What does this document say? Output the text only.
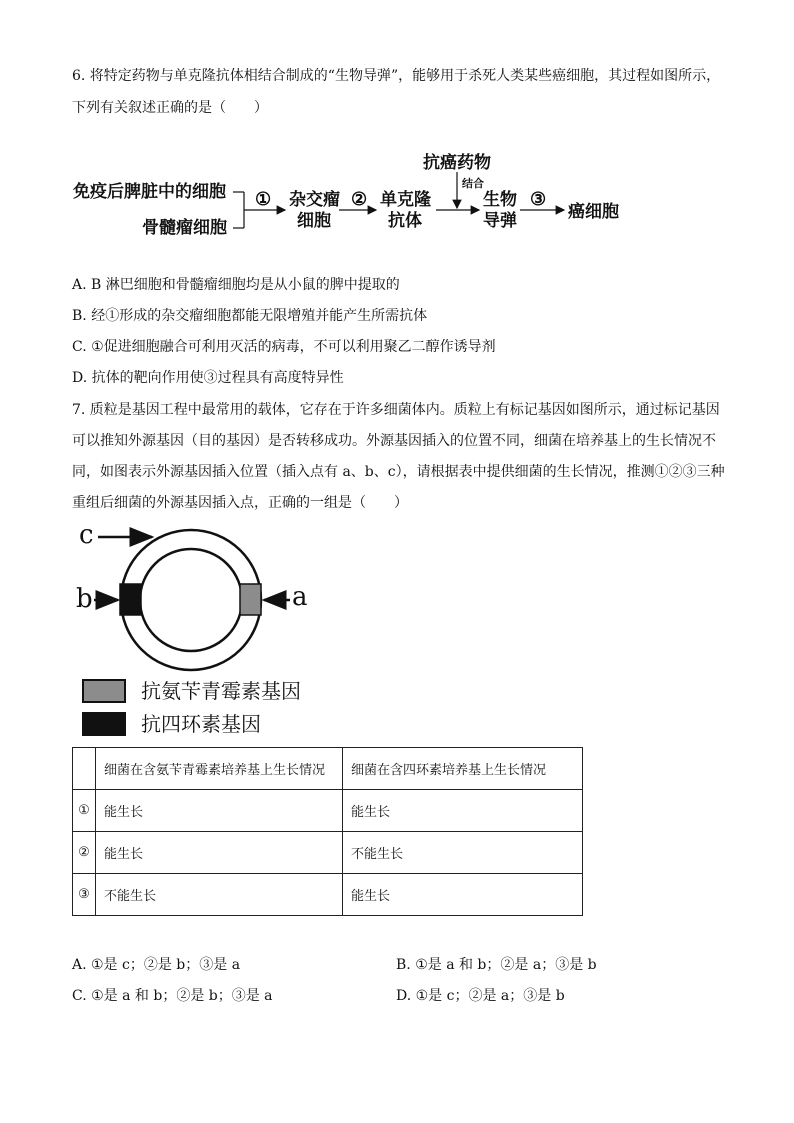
6. 将特定药物与单克隆抗体相结合制成的“生物导弹”，能够用于杀死人类某些癌细胞，其过程如图所示，
下列有关叙述正确的是（　　）
免疫后脾脏中的细胞
骨髓瘤细胞
① 杂交瘤
细胞
② 单克隆
抗体
抗癌药物
结合
生物
导弹
③
癌细胞
A. B 淋巴细胞和骨髓瘤细胞均是从小鼠的脾中提取的
B. 经①形成的杂交瘤细胞都能无限增殖并能产生所需抗体
C. ①促进细胞融合可利用灭活的病毒，不可以利用聚乙二醇作诱导剂
D. 抗体的靶向作用使③过程具有高度特异性
7. 质粒是基因工程中最常用的载体，它存在于许多细菌体内。质粒上有标记基因如图所示，通过标记基因
可以推知外源基因（目的基因）是否转移成功。外源基因插入的位置不同，细菌在培养基上的生长情况不
同，如图表示外源基因插入位置（插入点有 a、b、c），请根据表中提供细菌的生长情况，推测①②③三种
重组后细菌的外源基因插入点，正确的一组是（　　）
c
b	a
抗氨苄青霉素基因
抗四环素基因
	细菌在含氨苄青霉素培养基上生长情况	细菌在含四环素培养基上生长情况
①	能生长	能生长
②	能生长	不能生长
③	不能生长	能生长
A. ①是 c；②是 b；③是 a	B. ①是 a 和 b；②是 a；③是 b
C. ①是 a 和 b；②是 b；③是 a	D. ①是 c；②是 a；③是 b
